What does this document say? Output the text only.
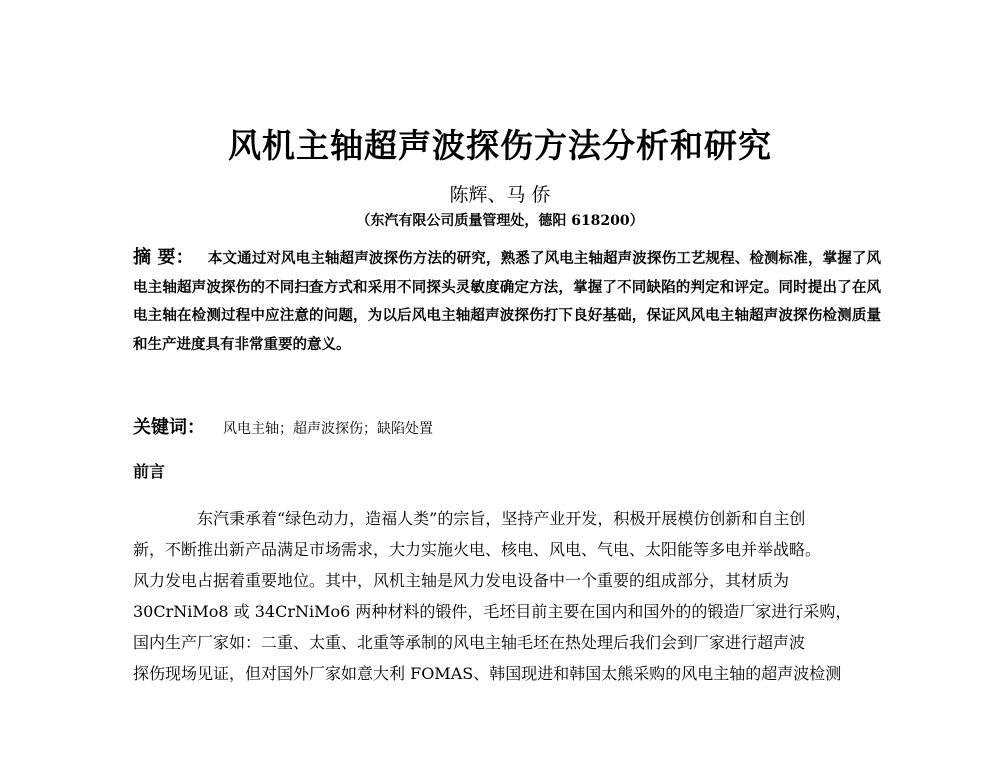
风机主轴超声波探伤方法分析和研究
陈辉、马 侨
（东汽有限公司质量管理处，德阳 618200）
摘 要： 本文通过对风电主轴超声波探伤方法的研究，熟悉了风电主轴超声波探伤工艺规程、检测标准，掌握了风电主轴超声波探伤的不同扫查方式和采用不同探头灵敏度确定方法，掌握了不同缺陷的判定和评定。同时提出了在风电主轴在检测过程中应注意的问题，为以后风电主轴超声波探伤打下良好基础，保证风风电主轴超声波探伤检测质量和生产进度具有非常重要的意义。
关键词： 风电主轴；超声波探伤；缺陷处置
前言
东汽秉承着“绿色动力，造福人类”的宗旨，坚持产业开发，积极开展模仿创新和自主创
新，不断推出新产品满足市场需求，大力实施火电、核电、风电、气电、太阳能等多电并举战略。
风力发电占据着重要地位。其中，风机主轴是风力发电设备中一个重要的组成部分，其材质为
30CrNiMo8 或 34CrNiMo6 两种材料的锻件，毛坯目前主要在国内和国外的的锻造厂家进行采购，
国内生产厂家如：二重、太重、北重等承制的风电主轴毛坯在热处理后我们会到厂家进行超声波
探伤现场见证，但对国外厂家如意大利 FOMAS、韩国现进和韩国太熊采购的风电主轴的超声波检测
